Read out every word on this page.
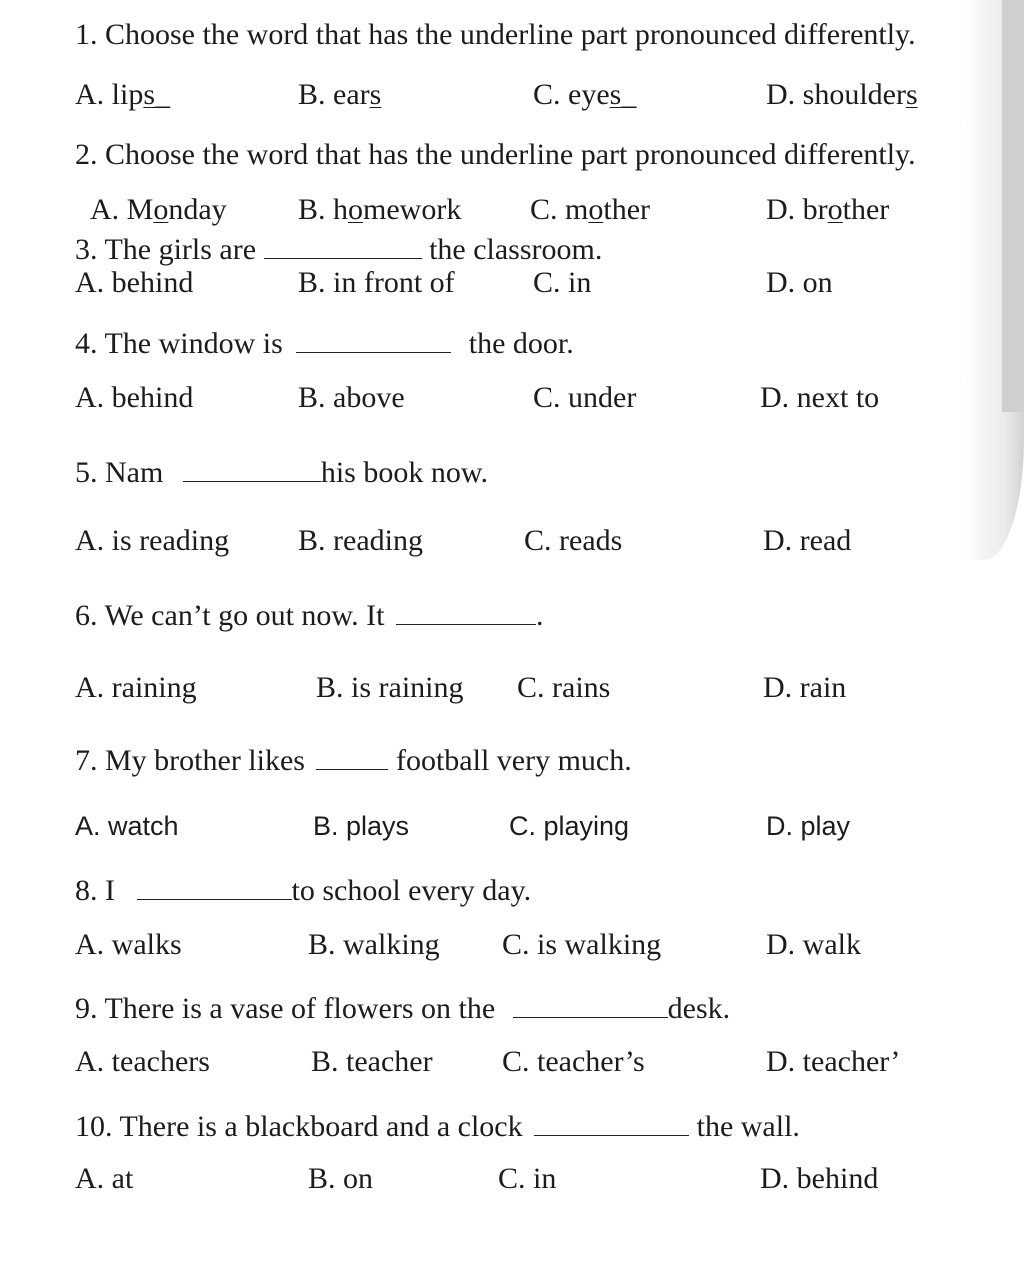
1. Choose the word that has the underline part pronounced differently.
A. lips_	B. ears	C. eyes_	D. shoulders
2. Choose the word that has the underline part pronounced differently.
A. Monday B. homework C. mother	D. brother
3. The girls are	the classroom.
A. behind	B. in front of	C. in	D. on
4. The window is	the door.
A. behind	B. above	C. under	D. next to
5. Nam	his book now.
A. is reading B. reading	C. reads	D. read
6. We can’t go out now. It	.
A. raining	B. is raining C. rains	D. rain
7. My brother likes	football very much.
A. watch	B. plays	C. playing	D. play
8. I	to school every day.
A. walks	B. walking C. is walking	D. walk
9. There is a vase of flowers on the	desk.
A. teachers	B. teacher C. teacher’s	D. teacher’
10. There is a blackboard and a clock	the wall.
A. at	B. on	C. in	D. behind
